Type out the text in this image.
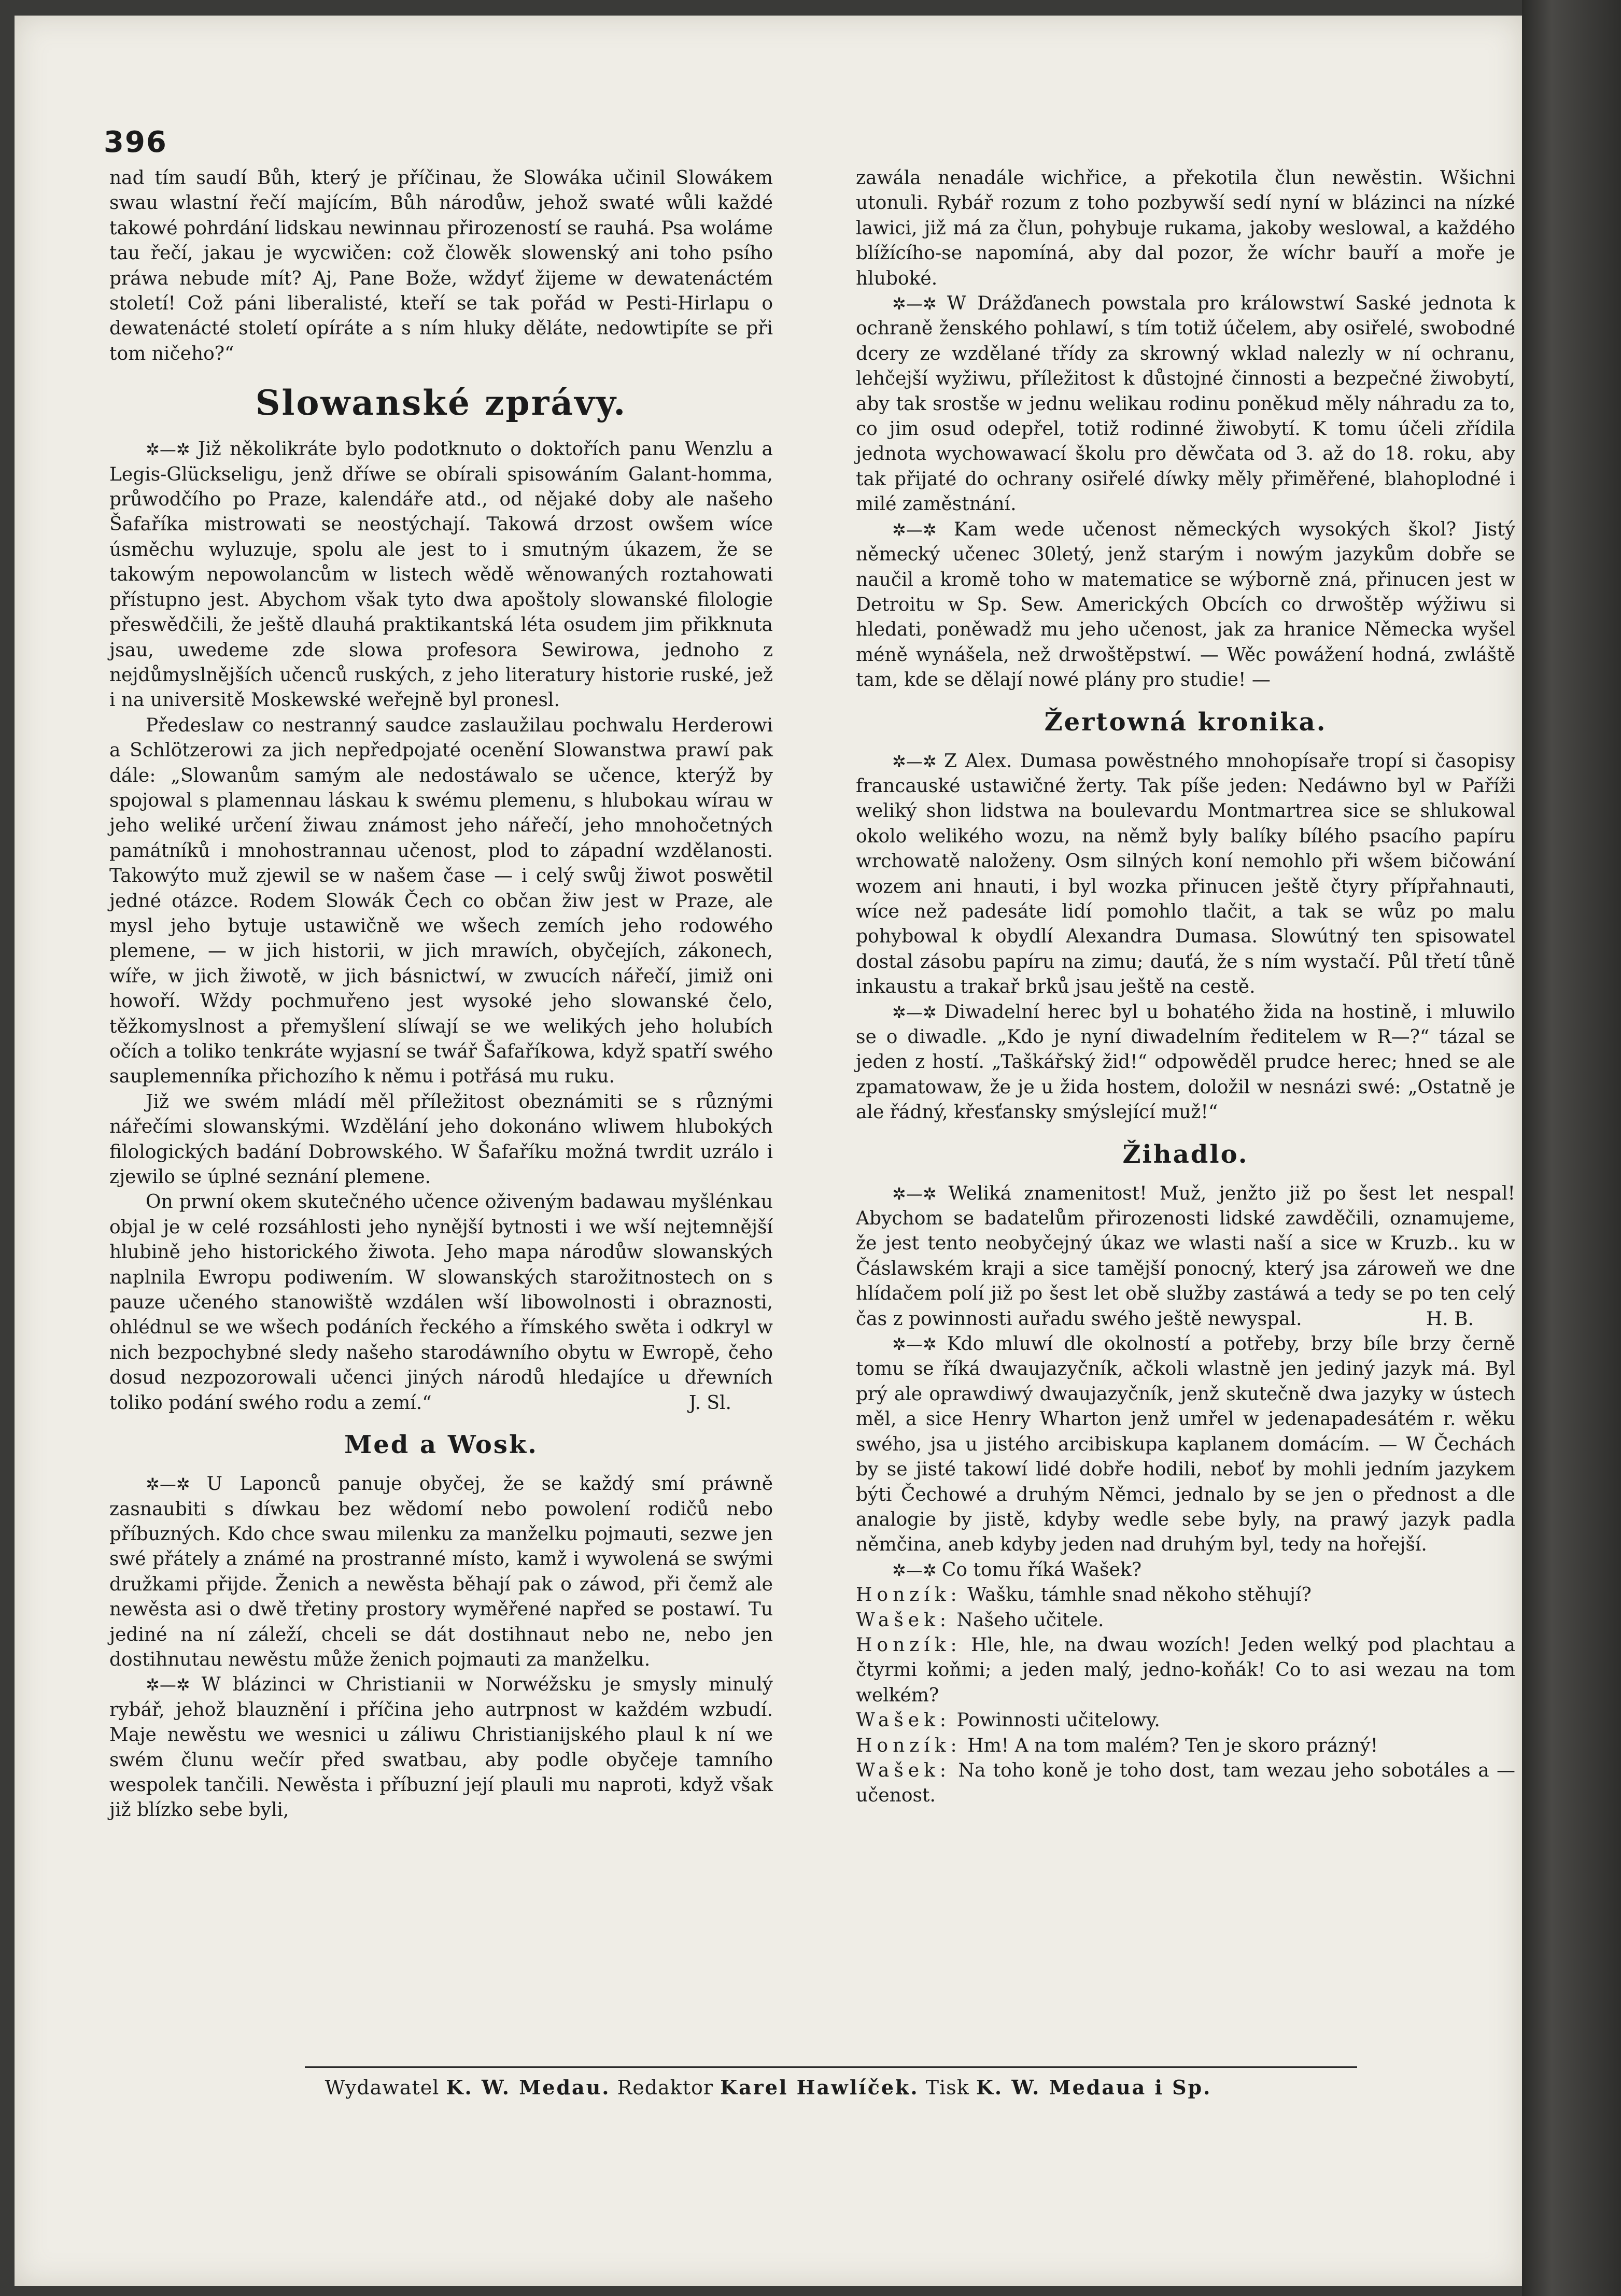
396

nad tím saudí Bůh, který je příčinau, že Slowáka učinil Slowákem swau wlastní řečí majícím, Bůh národůw, jehož swaté wůli každé takowé pohrdání lidskau newinnau přirozeností se rauhá. Psa woláme tau řečí, jakau je wycwičen: což člowěk slowenský ani toho psího práwa nebude mít? Aj, Pane Bože, wždyť žijeme w dewatenáctém století! Což páni liberalisté, kteří se tak pořád w Pesti-Hirlapu o dewatenácté století opíráte a s ním hluky děláte, nedowtipíte se při tom ničeho?“

Slowanské zprávy.

✲—✲ Již několikráte bylo podotknuto o doktořích panu Wenzlu a Legis-Glückseligu, jenž dříwe se obírali spisowáním Galant-homma, průwodčího po Praze, kalendáře atd., od nějaké doby ale našeho Šafaříka mistrowati se neostýchají. Takowá drzost owšem wíce úsměchu wyluzuje, spolu ale jest to i smutným úkazem, že se takowým nepowolancům w listech wědě wěnowaných roztahowati přístupno jest. Abychom však tyto dwa apoštoly slowanské filologie přeswědčili, že ještě dlauhá praktikantská léta osudem jim přikknuta jsau, uwedeme zde slowa profesora Sewirowa, jednoho z nejdůmyslnějších učenců ruských, z jeho literatury historie ruské, jež i na universitě Moskewské weřejně byl pronesl.

Předeslaw co nestranný saudce zaslaužilau pochwalu Herderowi a Schlötzerowi za jich nepředpojaté ocenění Slowanstwa prawí pak dále: „Slowanům samým ale nedostáwalo se učence, kterýž by spojowal s plamennau láskau k swému plemenu, s hlubokau wírau w jeho weliké určení žiwau známost jeho nářečí, jeho mnohočetných památníků i mnohostrannau učenost, plod to západní wzdělanosti. Takowýto muž zjewil se w našem čase — i celý swůj žiwot poswětil jedné otázce. Rodem Slowák Čech co občan žiw jest w Praze, ale mysl jeho bytuje ustawičně we wšech zemích jeho rodowého plemene, — w jich historii, w jich mrawích, obyčejích, zákonech, wíře, w jich žiwotě, w jich básnictwí, w zwucích nářečí, jimiž oni howoří. Wždy pochmuřeno jest wysoké jeho slowanské čelo, těžkomyslnost a přemyšlení slíwají se we welikých jeho holubích očích a toliko tenkráte wyjasní se twář Šafaříkowa, když spatří swého sauplemenníka přichozího k němu i potřásá mu ruku.

Již we swém mládí měl příležitost obeznámiti se s různými nářečími slowanskými. Wzdělání jeho dokonáno wliwem hlubokých filologických badání Dobrowského. W Šafaříku možná twrdit uzrálo i zjewilo se úplné seznání plemene.

On prwní okem skutečného učence oživeným badawau myšlénkau objal je w celé rozsáhlosti jeho nynější bytnosti i we wší nejtemnější hlubině jeho historického žiwota. Jeho mapa národůw slowanských naplnila Ewropu podiwením. W slowanských starožitnostech on s pauze učeného stanowiště wzdálen wší libowolnosti i obraznosti, ohlédnul se we wšech podáních řeckého a římského swěta i odkryl w nich bezpochybné sledy našeho starodáwního obytu w Ewropě, čeho dosud nezpozorowali učenci jiných národů hledajíce u dřewních toliko podání swého rodu a zemí.“	J. Sl.

Med a Wosk.

✲—✲ U Laponců panuje obyčej, že se každý smí práwně zasnaubiti s díwkau bez wědomí nebo powolení rodičů nebo příbuzných. Kdo chce swau milenku za manželku pojmauti, sezwe jen swé přátely a známé na prostranné místo, kamž i wywolená se swými družkami přijde. Ženich a newěsta běhají pak o záwod, při čemž ale newěsta asi o dwě třetiny prostory wyměřené napřed se postawí. Tu jediné na ní záleží, chceli se dát dostihnaut nebo ne, nebo jen dostihnutau newěstu může ženich pojmauti za manželku.

✲—✲ W blázinci w Christianii w Norwéžsku je smysly minulý rybář, jehož blauznění i příčina jeho autrpnost w každém wzbudí. Maje newěstu we wesnici u záliwu Christianijského plaul k ní we swém člunu wečír před swatbau, aby podle obyčeje tamního wespolek tančili. Newěsta i příbuzní její plauli mu naproti, když však již blízko sebe byli,

zawála nenadále wichřice, a překotila člun newěstin. Wšichni utonuli. Rybář rozum z toho pozbywší sedí nyní w blázinci na nízké lawici, již má za člun, pohybuje rukama, jakoby weslowal, a každého blížícího-se napomíná, aby dal pozor, že wíchr bauří a moře je hluboké.

✲—✲ W Drážďanech powstala pro králowstwí Saské jednota k ochraně ženského pohlawí, s tím totiž účelem, aby osiřelé, swobodné dcery ze wzdělané třídy za skrowný wklad nalezly w ní ochranu, lehčejší wyžiwu, příležitost k důstojné činnosti a bezpečné žiwobytí, aby tak srostše w jednu welikau rodinu poněkud měly náhradu za to, co jim osud odepřel, totiž rodinné žiwobytí. K tomu účeli zřídila jednota wychowawací školu pro děwčata od 3. až do 18. roku, aby tak přijaté do ochrany osiřelé díwky měly přiměřené, blahoplodné i milé zaměstnání.

✲—✲ Kam wede učenost německých wysokých škol? Jistý německý učenec 30letý, jenž starým i nowým jazykům dobře se naučil a kromě toho w matematice se wýborně zná, přinucen jest w Detroitu w Sp. Sew. Amerických Obcích co drwoštěp wýžiwu si hledati, poněwadž mu jeho učenost, jak za hranice Německa wyšel méně wynášela, než drwoštěpstwí. — Wěc powážení hodná, zwláště tam, kde se dělají nowé plány pro studie! —

Žertowná kronika.

✲—✲ Z Alex. Dumasa powěstného mnohopísaře tropí si časopisy francauské ustawičné žerty. Tak píše jeden: Nedáwno byl w Paříži weliký shon lidstwa na boulevardu Montmartrea sice se shlukowal okolo welikého wozu, na němž byly balíky bílého psacího papíru wrchowatě naloženy. Osm silných koní nemohlo při wšem bičowání wozem ani hnauti, i byl wozka přinucen ještě čtyry přípřahnauti, wíce než padesáte lidí pomohlo tlačit, a tak se wůz po malu pohybowal k obydlí Alexandra Dumasa. Slowútný ten spisowatel dostal zásobu papíru na zimu; dauťá, že s ním wystačí. Půl třetí tůně inkaustu a trakař brků jsau ještě na cestě.

✲—✲ Diwadelní herec byl u bohatého žida na hostině, i mluwilo se o diwadle. „Kdo je nyní diwadelním ředitelem w R—?“ tázal se jeden z hostí. „Taškářský žid!“ odpowěděl prudce herec; hned se ale zpamatowaw, že je u žida hostem, doložil w nesnázi swé: „Ostatně je ale řádný, křesťansky smýslející muž!“

Žihadlo.

✲—✲ Weliká znamenitost! Muž, jenžto již po šest let nespal! Abychom se badatelům přirozenosti lidské zawděčili, oznamujeme, že jest tento neobyčejný úkaz we wlasti naší a sice w Kruzb.. ku w Čáslawském kraji a sice tamější ponocný, který jsa zároweň we dne hlídačem polí již po šest let obě služby zastáwá a tedy se po ten celý čas z powinnosti auřadu swého ještě newyspal.	H. B.

✲—✲ Kdo mluwí dle okolností a potřeby, brzy bíle brzy černě tomu se říká dwaujazyčník, ačkoli wlastně jen jediný jazyk má. Byl prý ale oprawdiwý dwaujazyčník, jenž skutečně dwa jazyky w ústech měl, a sice Henry Wharton jenž umřel w jedenapadesátém r. wěku swého, jsa u jistého arcibiskupa kaplanem domácím. — W Čechách by se jisté takowí lidé dobře hodili, neboť by mohli jedním jazykem býti Čechowé a druhým Němci, jednalo by se jen o přednost a dle analogie by jistě, kdyby wedle sebe byly, na prawý jazyk padla němčina, aneb kdyby jeden nad druhým byl, tedy na hořejší.

✲—✲ Co tomu říká Wašek?

Honzík: Wašku, támhle snad někoho stěhují?

Wašek: Našeho učitele.

Honzík: Hle, hle, na dwau wozích! Jeden welký pod plachtau a čtyrmi koňmi; a jeden malý, jedno-koňák! Co to asi wezau na tom welkém?

Wašek: Powinnosti učitelowy.

Honzík: Hm! A na tom malém? Ten je skoro prázný!

Wašek: Na toho koně je toho dost, tam wezau jeho sobotáles a — učenost.

Wydawatel K. W. Medau. Redaktor Karel Hawlíček. Tisk K. W. Medaua i Sp.
